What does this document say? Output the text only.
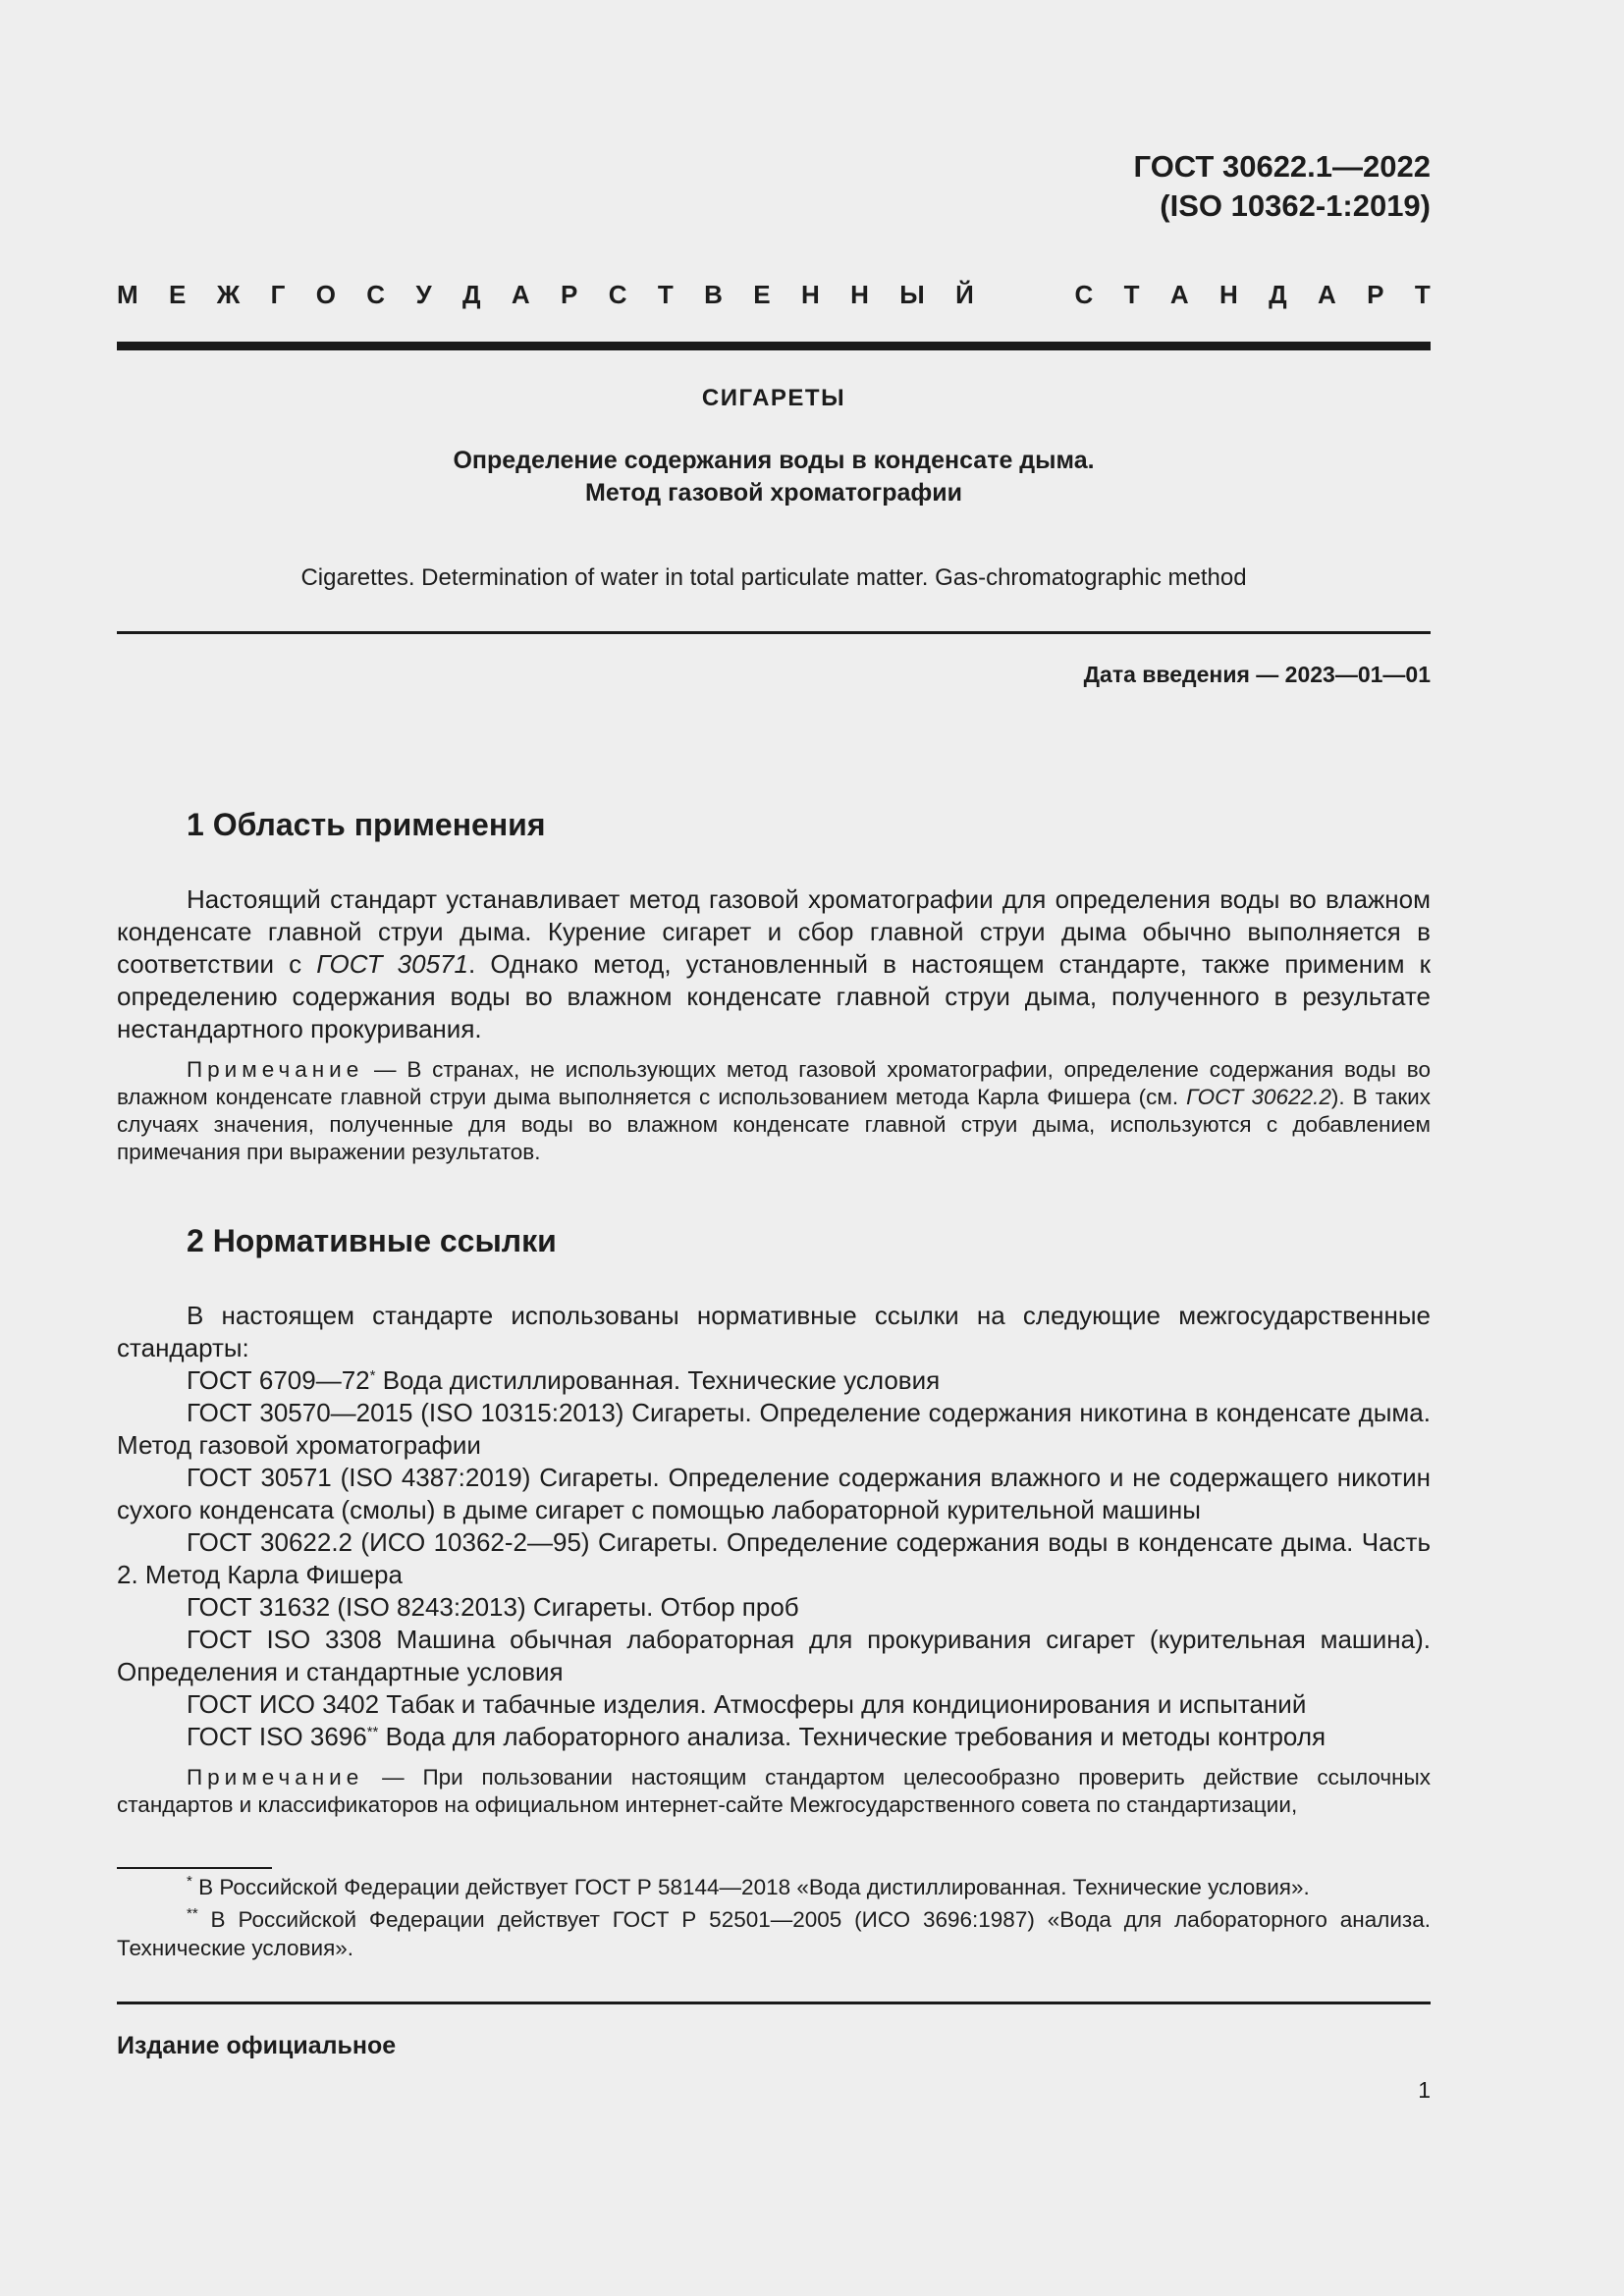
ГОСТ 30622.1—2022
(ISO 10362-1:2019)
М Е Ж Г О С У Д А Р С Т В Е Н Н Ы Й	С Т А Н Д А Р Т
СИГАРЕТЫ
Определение содержания воды в конденсате дыма.
Метод газовой хроматографии
Cigarettes. Determination of water in total particulate matter. Gas-chromatographic method
Дата введения — 2023—01—01
1 Область применения

Настоящий стандарт устанавливает метод газовой хроматографии для определения воды во влажном конденсате главной струи дыма. Курение сигарет и сбор главной струи дыма обычно выполняется в соответствии с ГОСТ 30571. Однако метод, установленный в настоящем стандарте, также применим к определению содержания воды во влажном конденсате главной струи дыма, полученного в результате нестандартного прокуривания.

Примечание — В странах, не использующих метод газовой хроматографии, определение содержания воды во влажном конденсате главной струи дыма выполняется с использованием метода Карла Фишера (см. ГОСТ 30622.2). В таких случаях значения, полученные для воды во влажном конденсате главной струи дыма, используются с добавлением примечания при выражении результатов.

2 Нормативные ссылки

В настоящем стандарте использованы нормативные ссылки на следующие межгосударственные стандарты:

ГОСТ 6709—72* Вода дистиллированная. Технические условия

ГОСТ 30570—2015 (ISO 10315:2013) Сигареты. Определение содержания никотина в конденсате дыма. Метод газовой хроматографии

ГОСТ 30571 (ISO 4387:2019) Сигареты. Определение содержания влажного и не содержащего никотин сухого конденсата (смолы) в дыме сигарет с помощью лабораторной курительной машины

ГОСТ 30622.2 (ИСО 10362-2—95) Сигареты. Определение содержания воды в конденсате дыма. Часть 2. Метод Карла Фишера

ГОСТ 31632 (ISO 8243:2013) Сигареты. Отбор проб

ГОСТ ISO 3308 Машина обычная лабораторная для прокуривания сигарет (курительная машина). Определения и стандартные условия

ГОСТ ИСО 3402 Табак и табачные изделия. Атмосферы для кондиционирования и испытаний

ГОСТ ISO 3696** Вода для лабораторного анализа. Технические требования и методы контроля

Примечание — При пользовании настоящим стандартом целесообразно проверить действие ссылочных стандартов и классификаторов на официальном интернет-сайте Межгосударственного совета по стандартизации,

* В Российской Федерации действует ГОСТ Р 58144—2018 «Вода дистиллированная. Технические условия».

** В Российской Федерации действует ГОСТ Р 52501—2005 (ИСО 3696:1987) «Вода для лабораторного анализа. Технические условия».

Издание официальное
1
